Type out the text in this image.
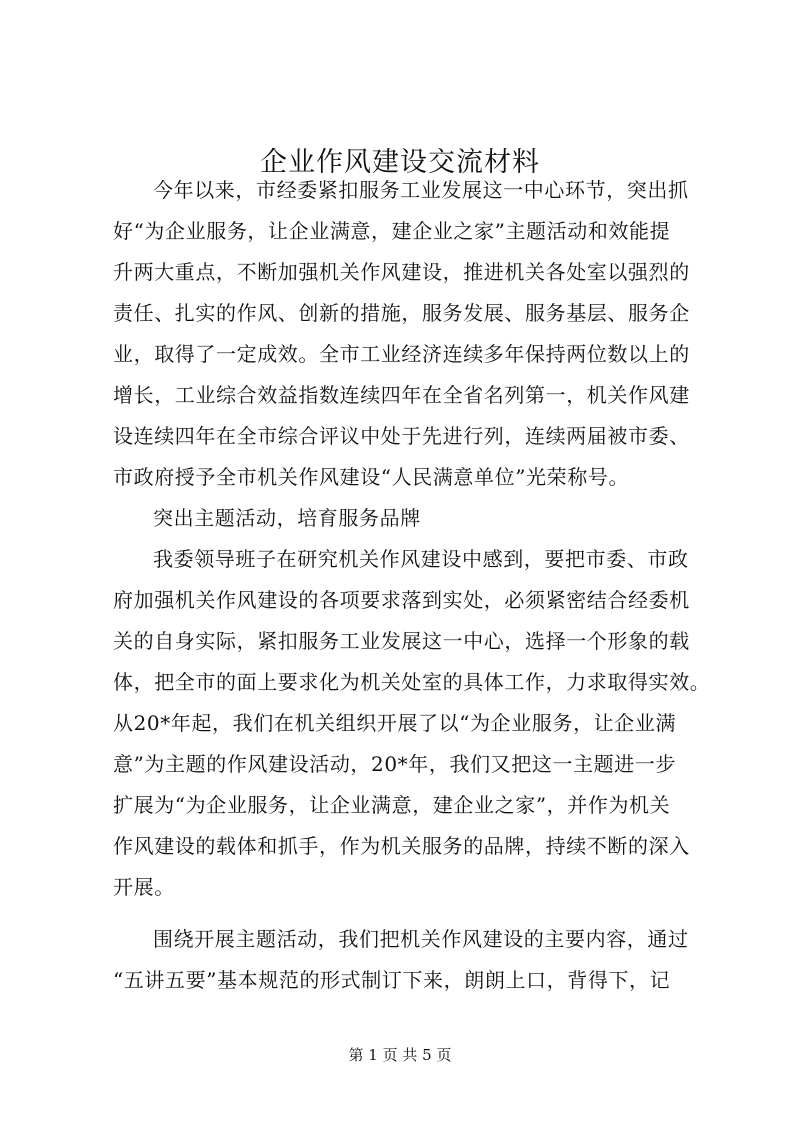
企业作风建设交流材料
今年以来，市经委紧扣服务工业发展这一中心环节，突出抓
好“为企业服务，让企业满意，建企业之家”主题活动和效能提
升两大重点，不断加强机关作风建设，推进机关各处室以强烈的
责任、扎实的作风、创新的措施，服务发展、服务基层、服务企
业，取得了一定成效。全市工业经济连续多年保持两位数以上的
增长，工业综合效益指数连续四年在全省名列第一，机关作风建
设连续四年在全市综合评议中处于先进行列，连续两届被市委、
市政府授予全市机关作风建设“人民满意单位”光荣称号。
突出主题活动，培育服务品牌
我委领导班子在研究机关作风建设中感到，要把市委、市政
府加强机关作风建设的各项要求落到实处，必须紧密结合经委机
关的自身实际，紧扣服务工业发展这一中心，选择一个形象的载
体，把全市的面上要求化为机关处室的具体工作，力求取得实效。
从20*年起，我们在机关组织开展了以“为企业服务，让企业满
意”为主题的作风建设活动，20*年，我们又把这一主题进一步
扩展为“为企业服务，让企业满意，建企业之家”，并作为机关
作风建设的载体和抓手，作为机关服务的品牌，持续不断的深入
开展。
围绕开展主题活动，我们把机关作风建设的主要内容，通过
“五讲五要”基本规范的形式制订下来，朗朗上口，背得下，记
第 1 页 共 5 页
